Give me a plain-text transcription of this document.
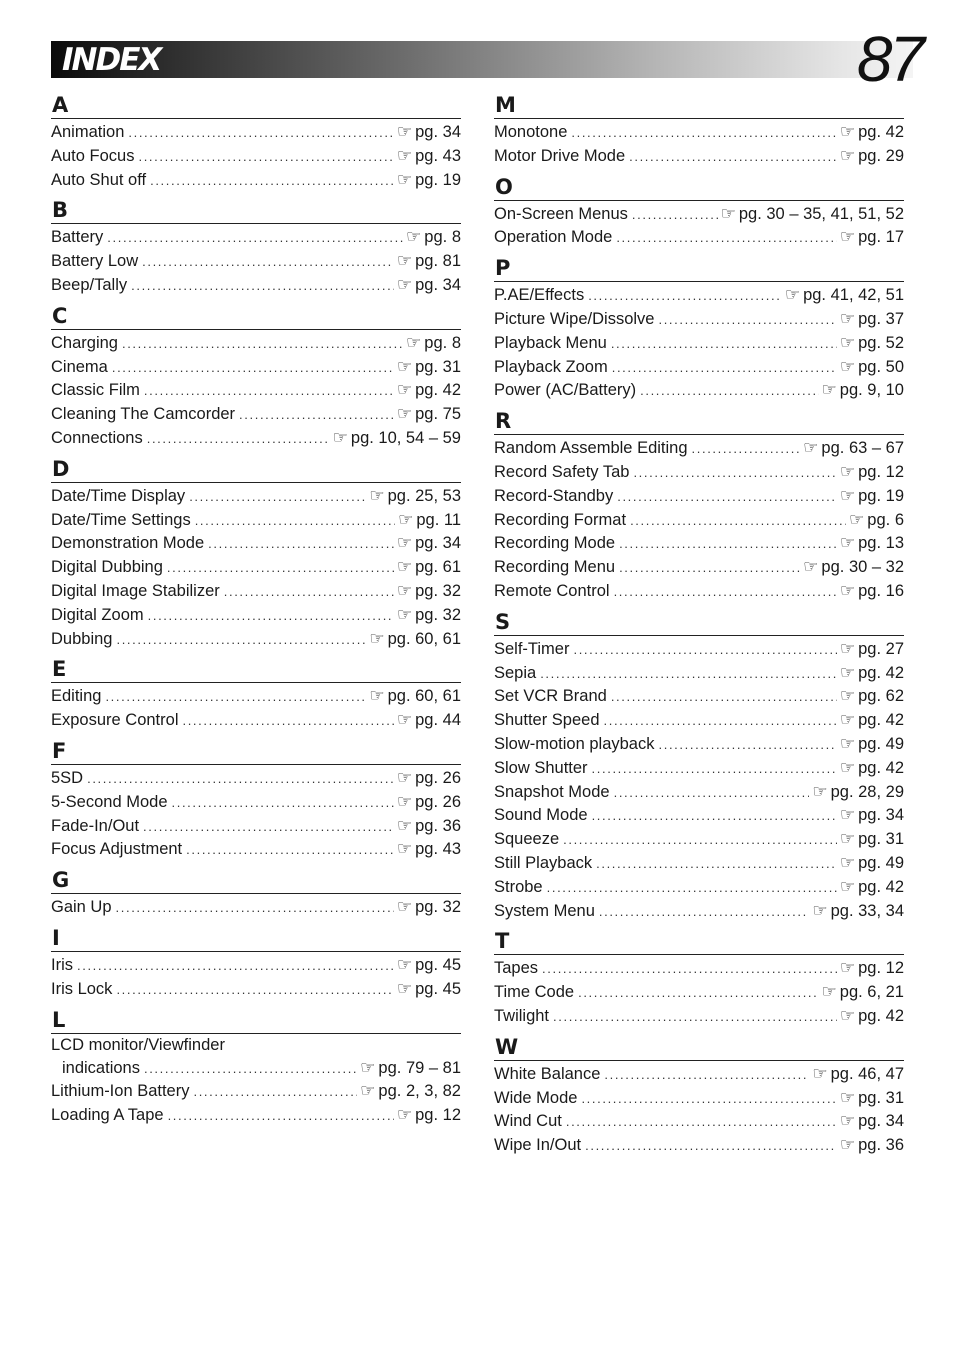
INDEX	87
A
Animation . . .	☞ pg. 34
Auto Focus . . .	☞ pg. 43
Auto Shut off . . .	☞ pg. 19
B
Battery . . .	☞ pg. 8
Battery Low . . .	☞ pg. 81
Beep/Tally . . .	☞ pg. 34
C
Charging . . .	☞ pg. 8
Cinema . . .	☞ pg. 31
Classic Film . . .	☞ pg. 42
Cleaning The Camcorder . . .	☞ pg. 75
Connections . . .	☞ pg. 10, 54 – 59
D
Date/Time Display . . .	☞ pg. 25, 53
Date/Time Settings . . .	☞ pg. 11
Demonstration Mode . . .	☞ pg. 34
Digital Dubbing . . .	☞ pg. 61
Digital Image Stabilizer . . .	☞ pg. 32
Digital Zoom . . .	☞ pg. 32
Dubbing . . .	☞ pg. 60, 61
E
Editing . . .	☞ pg. 60, 61
Exposure Control . . .	☞ pg. 44
F
5SD . . .	☞ pg. 26
5-Second Mode . . .	☞ pg. 26
Fade-In/Out . . .	☞ pg. 36
Focus Adjustment . . .	☞ pg. 43
G
Gain Up . . .	☞ pg. 32
I
Iris . . .	☞ pg. 45
Iris Lock . . .	☞ pg. 45
L
LCD monitor/Viewfinder
indications . . .	☞ pg. 79 – 81
Lithium-Ion Battery . . .	☞ pg. 2, 3, 82
Loading A Tape . . .	☞ pg. 12
M
Monotone . . .	☞ pg. 42
Motor Drive Mode . . .	☞ pg. 29
O
On-Screen Menus . . .	☞ pg. 30 – 35, 41, 51, 52
Operation Mode . . .	☞ pg. 17
P
P.AE/Effects . . .	☞ pg. 41, 42, 51
Picture Wipe/Dissolve . . .	☞ pg. 37
Playback Menu . . .	☞ pg. 52
Playback Zoom . . .	☞ pg. 50
Power (AC/Battery) . . .	☞ pg. 9, 10
R
Random Assemble Editing . . .	☞ pg. 63 – 67
Record Safety Tab . . .	☞ pg. 12
Record-Standby . . .	☞ pg. 19
Recording Format . . .	☞ pg. 6
Recording Mode . . .	☞ pg. 13
Recording Menu . . .	☞ pg. 30 – 32
Remote Control . . .	☞ pg. 16
S
Self-Timer . . .	☞ pg. 27
Sepia . . .	☞ pg. 42
Set VCR Brand . . .	☞ pg. 62
Shutter Speed . . .	☞ pg. 42
Slow-motion playback . . .	☞ pg. 49
Slow Shutter . . .	☞ pg. 42
Snapshot Mode . . .	☞ pg. 28, 29
Sound Mode . . .	☞ pg. 34
Squeeze . . .	☞ pg. 31
Still Playback . . .	☞ pg. 49
Strobe . . .	☞ pg. 42
System Menu . . .	☞ pg. 33, 34
T
Tapes . . .	☞ pg. 12
Time Code . . .	☞ pg. 6, 21
Twilight . . .	☞ pg. 42
W
White Balance . . .	☞ pg. 46, 47
Wide Mode . . .	☞ pg. 31
Wind Cut . . .	☞ pg. 34
Wipe In/Out . . .	☞ pg. 36
